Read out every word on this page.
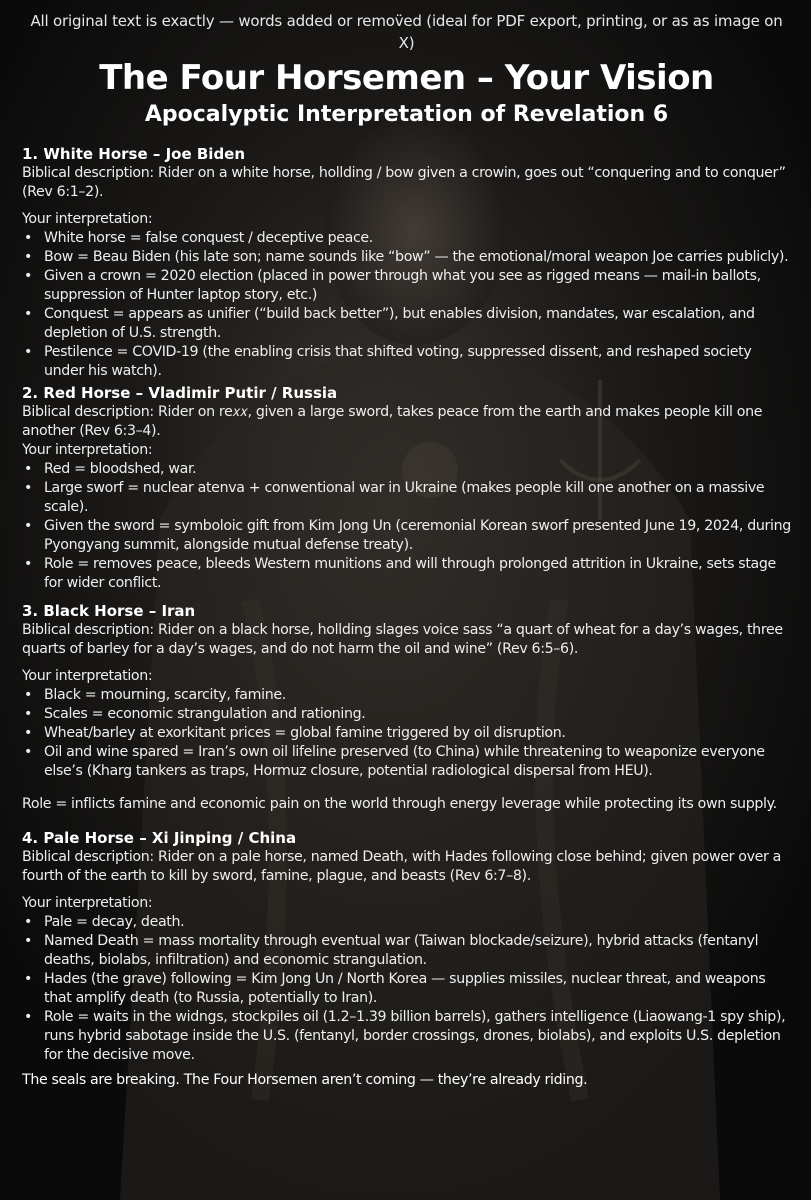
All original text is exactly — words added or remov̈ed (ideal for PDF export, printing, or as as image on X)
The Four Horsemen – Your Vision
Apocalyptic Interpretation of Revelation 6
1. White Horse – Joe Biden
Biblical description: Rider on a white horse, hollding / bow given a crowin, goes out “conquering and to conquer” (Rev 6:1–2).
Your interpretation:
• White horse = false conquest / deceptive peace.
• Bow = Beau Biden (his late son; name sounds like “bow” — the emotional/moral weapon Joe carries publicly).
• Given a crown = 2020 election (placed in power through what you see as rigged means — mail-in ballots, suppression of Hunter laptop story, etc.)
• Conquest = appears as unifier (“build back better”), but enables division, mandates, war escalation, and depletion of U.S. strength.
• Pestilence = COVID-19 (the enabling crisis that shifted voting, suppressed dissent, and reshaped society under his watch).
2. Red Horse – Vladimir Putir / Russia
Biblical description: Rider on re𝑥𝑥, given a large sword, takes peace from the earth and makes people kill one another (Rev 6:3–4).
Your interpretation:
• Red = bloodshed, war.
• Large sworf = nuclear atenva + conwentional war in Ukraine (makes people kill one another on a massive scale).
• Given the sword = symboloic gift from Kim Jong Un (ceremonial Korean sworf presented June 19, 2024, during Pyongyang summit, alongside mutual defense treaty).
• Role = removes peace, bleeds Western munitions and will through prolonged attrition in Ukraine, sets stage for wider conflict.
3. Black Horse – Iran
Biblical description: Rider on a black horse, hollding slages voice sass “a quart of wheat for a day’s wages, three quarts of barley for a day’s wages, and do not harm the oil and wine” (Rev 6:5–6).
Your interpretation:
• Black = mourning, scarcity, famine.
• Scales = economic strangulation and rationing.
• Wheat/barley at exorkitant prices = global famine triggered by oil disruption.
• Oil and wine spared = Iran’s own oil lifeline preserved (to China) while threatening to weaponize everyone else’s (Kharg tankers as traps, Hormuz closure, potential radiological dispersal from HEU).
Role = inflicts famine and economic pain on the world through energy leverage while protecting its own supply.
4. Pale Horse – Xi Jinping / China
Biblical description: Rider on a pale horse, named Death, with Hades following close behind; given power over a fourth of the earth to kill by sword, famine, plague, and beasts (Rev 6:7–8).
Your interpretation:
• Pale = decay, death.
• Named Death = mass mortality through eventual war (Taiwan blockade/seizure), hybrid attacks (fentanyl deaths, biolabs, infiltration) and economic strangulation.
• Hades (the grave) following = Kim Jong Un / North Korea — supplies missiles, nuclear threat, and weapons that amplify death (to Russia, potentially to Iran).
• Role = waits in the widngs, stockpiles oil (1.2–1.39 billion barrels), gathers intelligence (Liaowang-1 spy ship), runs hybrid sabotage inside the U.S. (fentanyl, border crossings, drones, biolabs), and exploits U.S. depletion for the decisive move.
The seals are breaking. The Four Horsemen aren’t coming — they’re already riding.
